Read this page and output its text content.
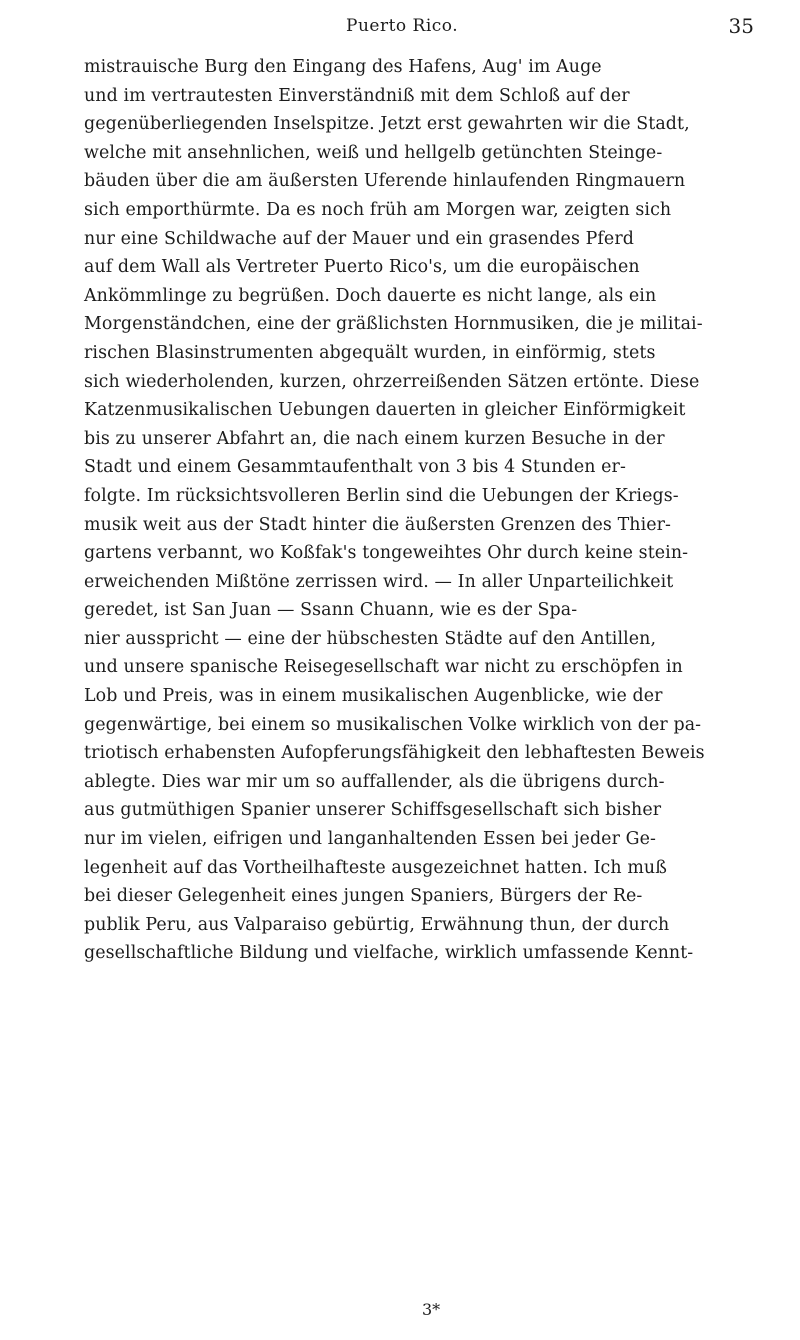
Puerto Rico.	35
mistrauische Burg den Eingang des Hafens, Aug' im Auge
und im vertrautesten Einverständniß mit dem Schloß auf der
gegenüberliegenden Inselspitze. Jetzt erst gewahrten wir die Stadt,
welche mit ansehnlichen, weiß und hellgelb getünchten Steinge-
bäuden über die am äußersten Uferende hinlaufenden Ringmauern
sich emporthürmte. Da es noch früh am Morgen war, zeigten sich
nur eine Schildwache auf der Mauer und ein grasendes Pferd
auf dem Wall als Vertreter Puerto Rico's, um die europäischen
Ankömmlinge zu begrüßen. Doch dauerte es nicht lange, als ein
Morgenständchen, eine der gräßlichsten Hornmusiken, die je militai-
rischen Blasinstrumenten abgequält wurden, in einförmig, stets
sich wiederholenden, kurzen, ohrzerreißenden Sätzen ertönte. Diese
Katzenmusikalischen Uebungen dauerten in gleicher Einförmigkeit
bis zu unserer Abfahrt an, die nach einem kurzen Besuche in der
Stadt und einem Gesammtaufenthalt von 3 bis 4 Stunden er-
folgte. Im rücksichtsvolleren Berlin sind die Uebungen der Kriegs-
musik weit aus der Stadt hinter die äußersten Grenzen des Thier-
gartens verbannt, wo Koßfak's tongeweihtes Ohr durch keine stein-
erweichenden Mißtöne zerrissen wird. — In aller Unparteilichkeit
geredet, ist San Juan — Ssann Chuann, wie es der Spa-
nier ausspricht — eine der hübschesten Städte auf den Antillen,
und unsere spanische Reisegesellschaft war nicht zu erschöpfen in
Lob und Preis, was in einem musikalischen Augenblicke, wie der
gegenwärtige, bei einem so musikalischen Volke wirklich von der pa-
triotisch erhabensten Aufopferungsfähigkeit den lebhaftesten Beweis
ablegte. Dies war mir um so auffallender, als die übrigens durch-
aus gutmüthigen Spanier unserer Schiffsgesellschaft sich bisher
nur im vielen, eifrigen und langanhaltenden Essen bei jeder Ge-
legenheit auf das Vortheilhafteste ausgezeichnet hatten. Ich muß
bei dieser Gelegenheit eines jungen Spaniers, Bürgers der Re-
publik Peru, aus Valparaiso gebürtig, Erwähnung thun, der durch
gesellschaftliche Bildung und vielfache, wirklich umfassende Kennt-
3*
